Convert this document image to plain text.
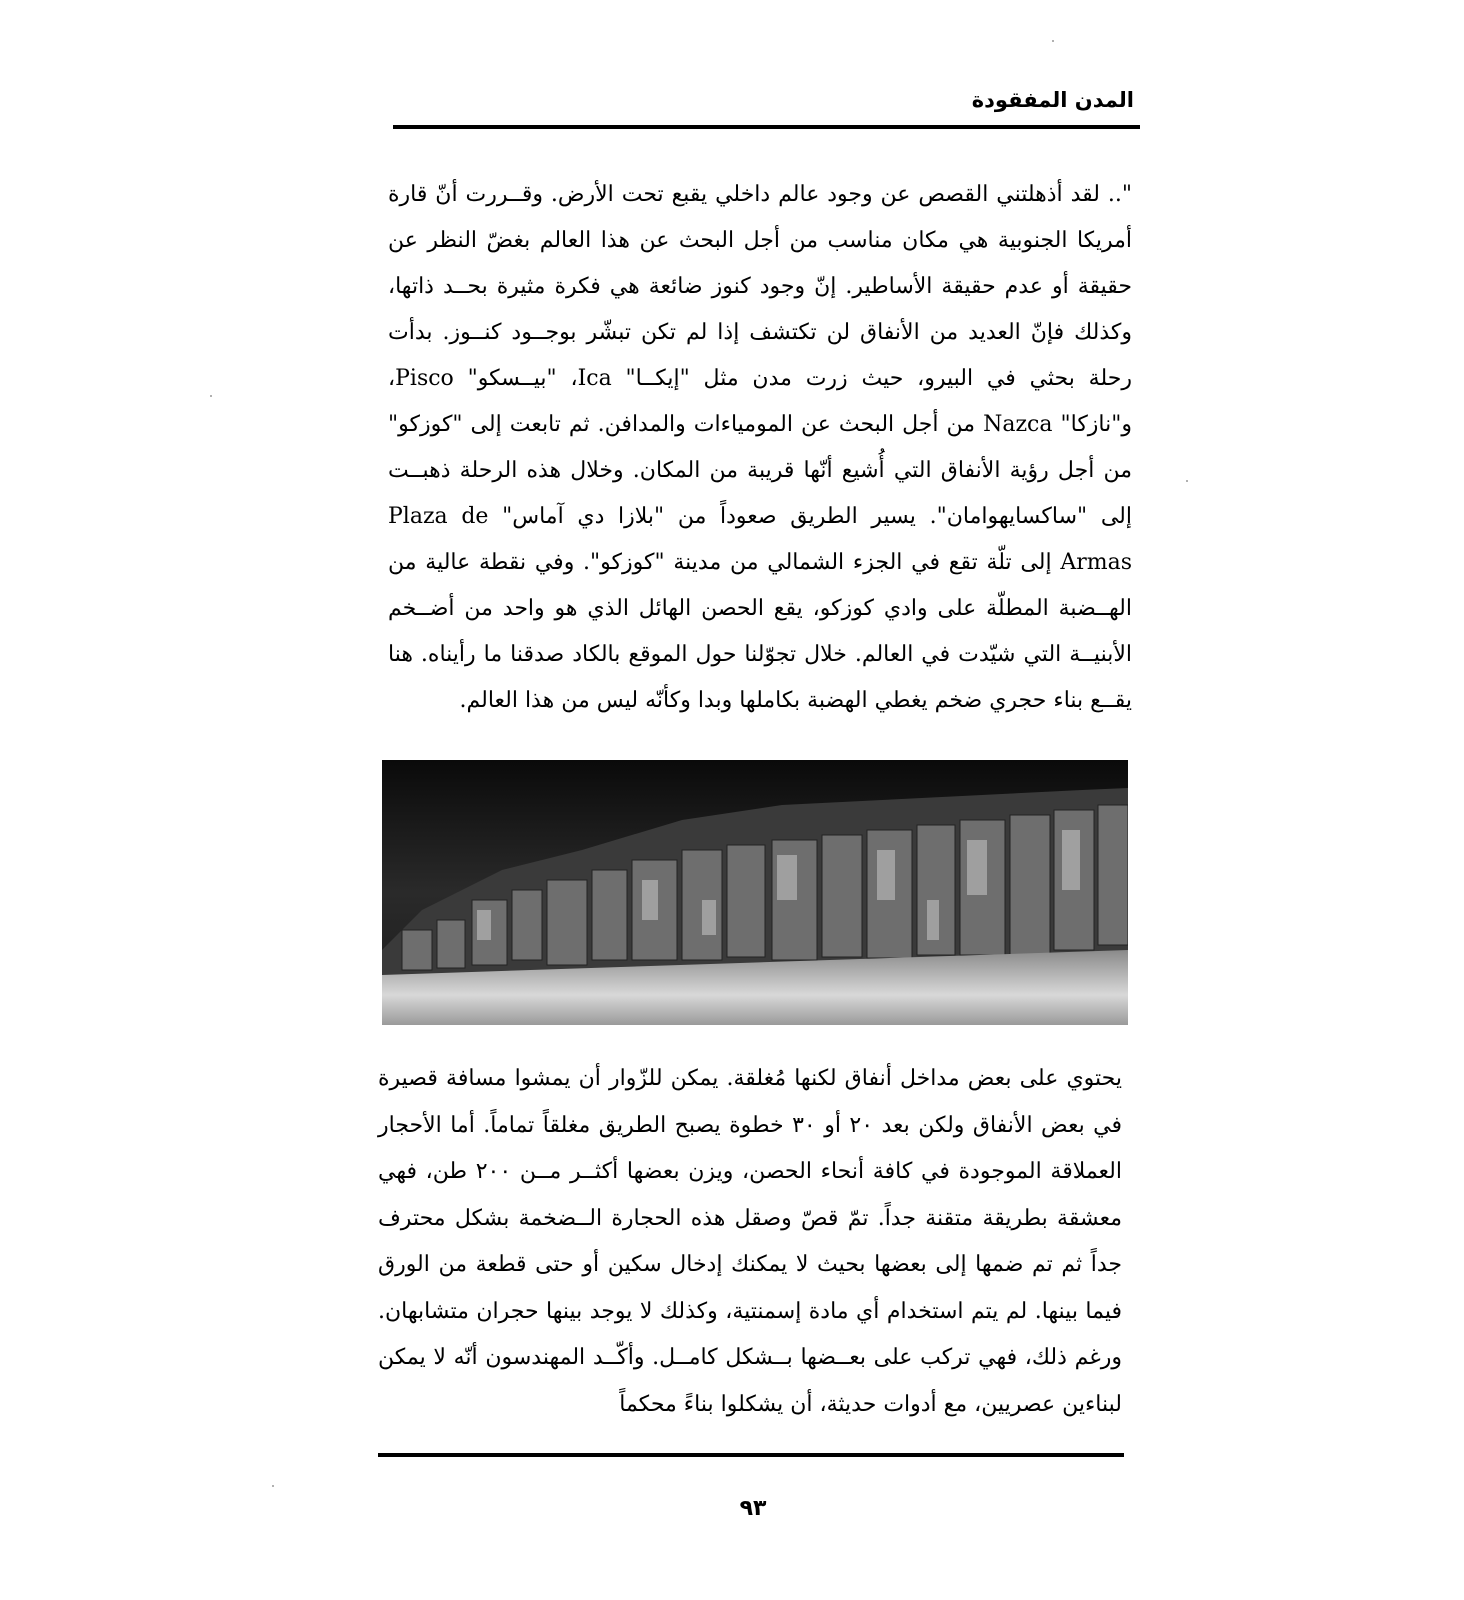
المدن المفقودة

".. لقد أذهلتني القصص عن وجود عالم داخلي يقبع تحت الأرض. وقــررت أنّ قارة أمريكا الجنوبية هي مكان مناسب من أجل البحث عن هذا العالم بغضّ النظر عن حقيقة أو عدم حقيقة الأساطير. إنّ وجود كنوز ضائعة هي فكرة مثيرة بحــد ذاتها، وكذلك فإنّ العديد من الأنفاق لن تكتشف إذا لم تكن تبشّر بوجــود كنــوز. بدأت رحلة بحثي في البيرو، حيث زرت مدن مثل "إيكــا" Ica، "بيــسكو" Pisco، و"نازكا" Nazca من أجل البحث عن المومياءات والمدافن. ثم تابعت إلى "كوزكو" من أجل رؤية الأنفاق التي أُشيع أنّها قريبة من المكان. وخلال هذه الرحلة ذهبــت إلى "ساكسايهوامان". يسير الطريق صعوداً من "بلازا دي آماس" Plaza de Armas إلى تلّة تقع في الجزء الشمالي من مدينة "كوزكو". وفي نقطة عالية من الهــضبة المطلّة على وادي كوزكو، يقع الحصن الهائل الذي هو واحد من أضــخم الأبنيــة التي شيّدت في العالم. خلال تجوّلنا حول الموقع بالكاد صدقنا ما رأيناه. هنا يقــع بناء حجري ضخم يغطي الهضبة بكاملها وبدا وكأنّه ليس من هذا العالم.

يحتوي على بعض مداخل أنفاق لكنها مُغلقة. يمكن للزّوار أن يمشوا مسافة قصيرة في بعض الأنفاق ولكن بعد ٢٠ أو ٣٠ خطوة يصبح الطريق مغلقاً تماماً. أما الأحجار العملاقة الموجودة في كافة أنحاء الحصن، ويزن بعضها أكثــر مــن ٢٠٠ طن، فهي معشقة بطريقة متقنة جداً. تمّ قصّ وصقل هذه الحجارة الــضخمة بشكل محترف جداً ثم تم ضمها إلى بعضها بحيث لا يمكنك إدخال سكين أو حتى قطعة من الورق فيما بينها. لم يتم استخدام أي مادة إسمنتية، وكذلك لا يوجد بينها حجران متشابهان. ورغم ذلك، فهي تركب على بعــضها بــشكل كامــل. وأكّــد المهندسون أنّه لا يمكن لبناءين عصريين، مع أدوات حديثة، أن يشكلوا بناءً محكماً

٩٣
